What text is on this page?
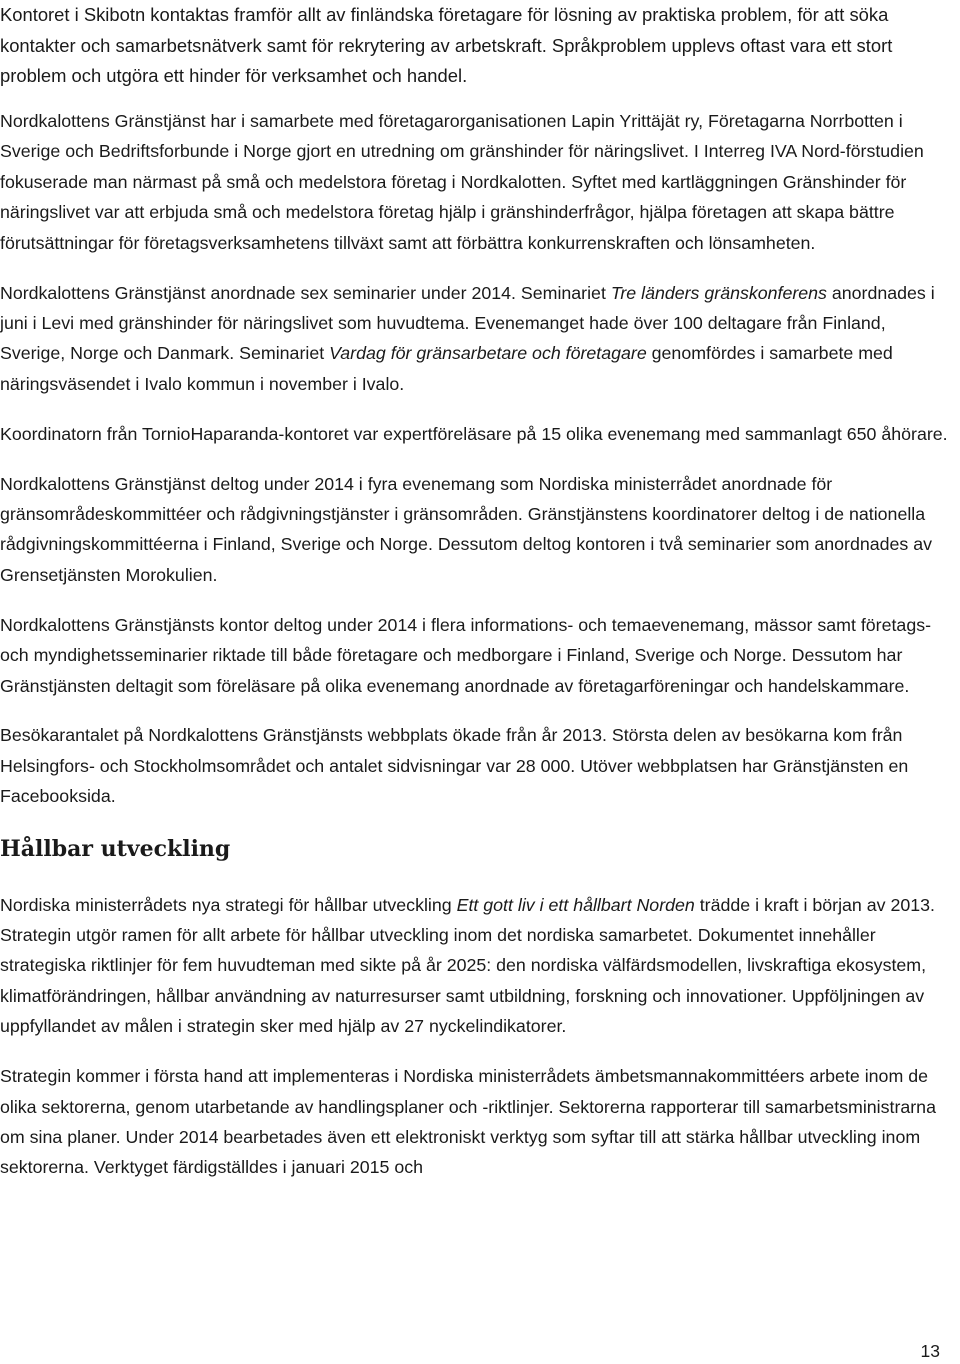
Kontoret i Skibotn kontaktas framför allt av finländska företagare för lösning av praktiska problem, för att söka kontakter och samarbetsnätverk samt för rekrytering av arbetskraft. Språkproblem upplevs oftast vara ett stort problem och utgöra ett hinder för verksamhet och handel.

Nordkalottens Gränstjänst har i samarbete med företagarorganisationen Lapin Yrittäjät ry, Företagarna Norrbotten i Sverige och Bedriftsforbunde i Norge gjort en utredning om gränshinder för näringslivet. I Interreg IVA Nord-förstudien fokuserade man närmast på små och medelstora företag i Nordkalotten. Syftet med kartläggningen Gränshinder för näringslivet var att erbjuda små och medelstora företag hjälp i gränshinderfrågor, hjälpa företagen att skapa bättre förutsättningar för företagsverksamhetens tillväxt samt att förbättra konkurrenskraften och lönsamheten.

Nordkalottens Gränstjänst anordnade sex seminarier under 2014. Seminariet Tre länders gränskonferens anordnades i juni i Levi med gränshinder för näringslivet som huvudtema. Evenemanget hade över 100 deltagare från Finland, Sverige, Norge och Danmark. Seminariet Vardag för gränsarbetare och företagare genomfördes i samarbete med näringsväsendet i Ivalo kommun i november i Ivalo.

Koordinatorn från TornioHaparanda-kontoret var expertföreläsare på 15 olika evenemang med sammanlagt 650 åhörare.

Nordkalottens Gränstjänst deltog under 2014 i fyra evenemang som Nordiska ministerrådet anordnade för gränsområdeskommittéer och rådgivningstjänster i gränsområden. Gränstjänstens koordinatorer deltog i de nationella rådgivningskommittéerna i Finland, Sverige och Norge. Dessutom deltog kontoren i två seminarier som anordnades av Grensetjänsten Morokulien.

Nordkalottens Gränstjänsts kontor deltog under 2014 i flera informations- och temaevenemang, mässor samt företags- och myndighetsseminarier riktade till både företagare och medborgare i Finland, Sverige och Norge. Dessutom har Gränstjänsten deltagit som föreläsare på olika evenemang anordnade av företagarföreningar och handelskammare.

Besökarantalet på Nordkalottens Gränstjänsts webbplats ökade från år 2013. Största delen av besökarna kom från Helsingfors- och Stockholmsområdet och antalet sidvisningar var 28 000. Utöver webbplatsen har Gränstjänsten en Facebooksida.

Hållbar utveckling

Nordiska ministerrådets nya strategi för hållbar utveckling Ett gott liv i ett hållbart Norden trädde i kraft i början av 2013. Strategin utgör ramen för allt arbete för hållbar utveckling inom det nordiska samarbetet. Dokumentet innehåller strategiska riktlinjer för fem huvudteman med sikte på år 2025: den nordiska välfärdsmodellen, livskraftiga ekosystem, klimatförändringen, hållbar användning av naturresurser samt utbildning, forskning och innovationer. Uppföljningen av uppfyllandet av målen i strategin sker med hjälp av 27 nyckelindikatorer.

Strategin kommer i första hand att implementeras i Nordiska ministerrådets ämbetsmannakommittéers arbete inom de olika sektorerna, genom utarbetande av handlingsplaner och -riktlinjer. Sektorerna rapporterar till samarbetsministrarna om sina planer. Under 2014 bearbetades även ett elektroniskt verktyg som syftar till att stärka hållbar utveckling inom sektorerna. Verktyget färdigställdes i januari 2015 och

13
